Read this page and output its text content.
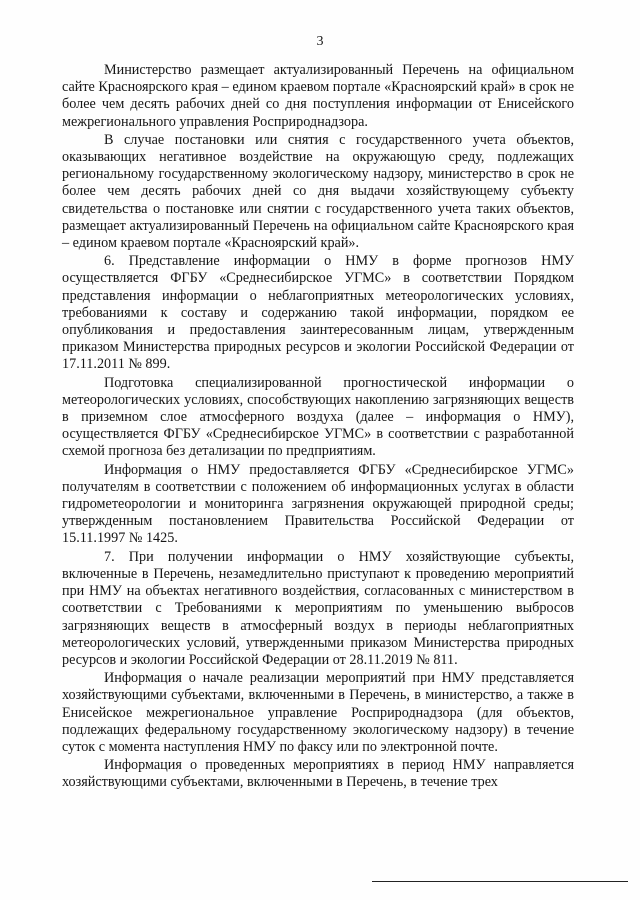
3

Министерство размещает актуализированный Перечень на официальном сайте Красноярского края – едином краевом портале «Красноярский край» в срок не более чем десять рабочих дней со дня поступления информации от Енисейского межрегионального управления Росприроднадзора.

В случае постановки или снятия с государственного учета объектов, оказывающих негативное воздействие на окружающую среду, подлежащих региональному государственному экологическому надзору, министерство в срок не более чем десять рабочих дней со дня выдачи хозяйствующему субъекту свидетельства о постановке или снятии с государственного учета таких объектов, размещает актуализированный Перечень на официальном сайте Красноярского края – едином краевом портале «Красноярский край».

6. Представление информации о НМУ в форме прогнозов НМУ осуществляется ФГБУ «Среднесибирское УГМС» в соответствии Порядком представления информации о неблагоприятных метеорологических условиях, требованиями к составу и содержанию такой информации, порядком ее опубликования и предоставления заинтересованным лицам, утвержденным приказом Министерства природных ресурсов и экологии Российской Федерации от 17.11.2011 № 899.

Подготовка специализированной прогностической информации о метеорологических условиях, способствующих накоплению загрязняющих веществ в приземном слое атмосферного воздуха (далее – информация о НМУ), осуществляется ФГБУ «Среднесибирское УГМС» в соответствии с разработанной схемой прогноза без детализации по предприятиям.

Информация о НМУ предоставляется ФГБУ «Среднесибирское УГМС» получателям в соответствии с положением об информационных услугах в области гидрометеорологии и мониторинга загрязнения окружающей природной среды; утвержденным постановлением Правительства Российской Федерации от 15.11.1997 № 1425.

7. При получении информации о НМУ хозяйствующие субъекты, включенные в Перечень, незамедлительно приступают к проведению мероприятий при НМУ на объектах негативного воздействия, согласованных с министерством в соответствии с Требованиями к мероприятиям по уменьшению выбросов загрязняющих веществ в атмосферный воздух в периоды неблагоприятных метеорологических условий, утвержденными приказом Министерства природных ресурсов и экологии Российской Федерации от 28.11.2019 № 811.

Информация о начале реализации мероприятий при НМУ представляется хозяйствующими субъектами, включенными в Перечень, в министерство, а также в Енисейское межрегиональное управление Росприроднадзора (для объектов, подлежащих федеральному государственному экологическому надзору) в течение суток с момента наступления НМУ по факсу или по электронной почте.

Информация о проведенных мероприятиях в период НМУ направляется хозяйствующими субъектами, включенными в Перечень, в течение трех
